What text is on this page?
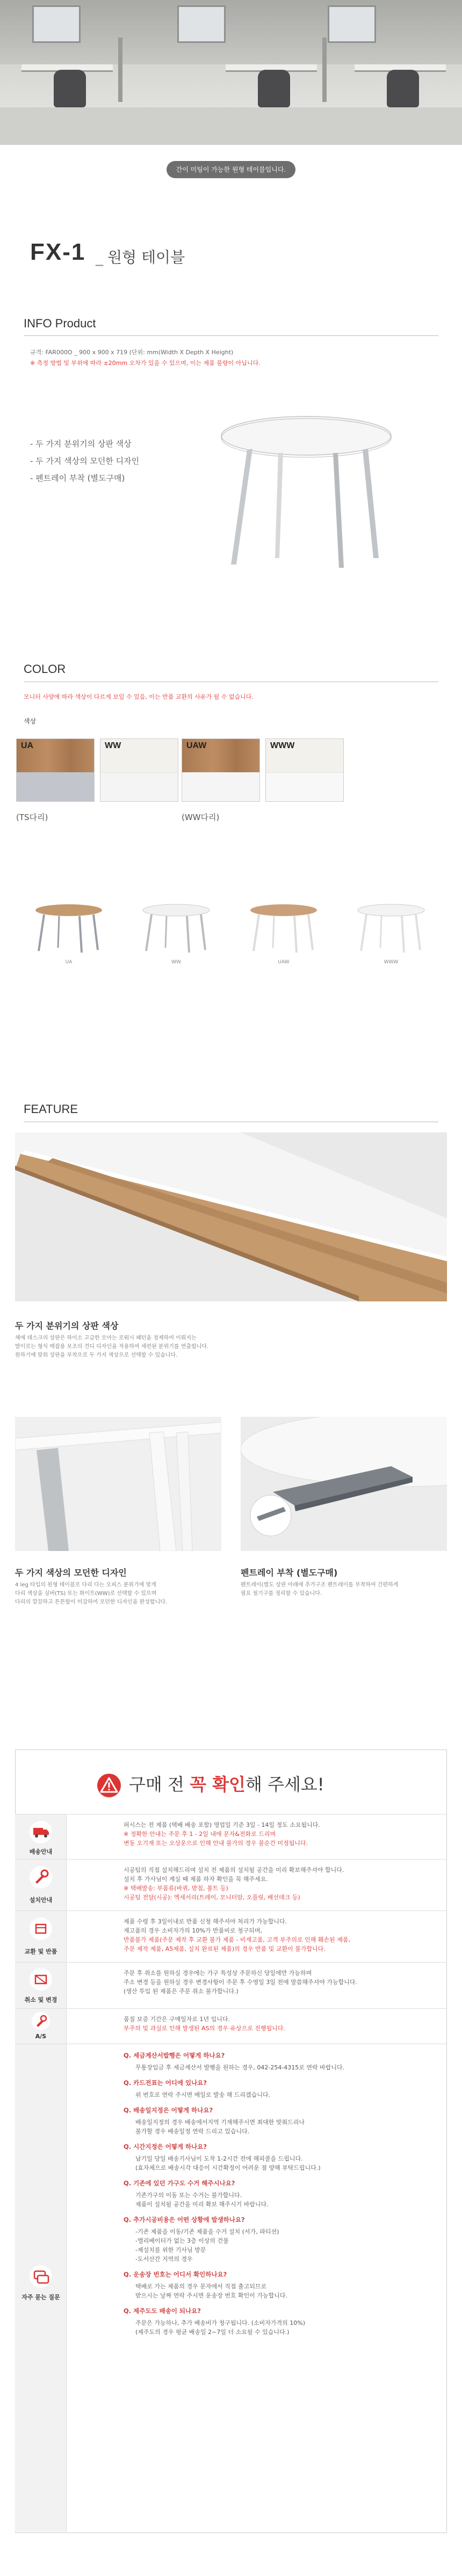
간이 미팅이 가능한 원형 테이블입니다.
FX-1 _ 원형 테이블
INFO Product
규격: FAR000O _ 900 x 900 x 719 (단위: mm(Width X Depth X Height)
※ 측정 방법 및 부위에 따라 ±20mm 오차가 있을 수 있으며, 이는 제품 불량이 아닙니다.
- 두 가지 분위기의 상판 색상
- 두 가지 색상의 모던한 디자인
- 펜트레이 부착 (별도구매)
COLOR
모니터 사양에 따라 색상이 다르게 보일 수 있음, 이는 반품 교환의 사유가 될 수 없습니다.
색상
UA	WW	UAW	WWW
(TS다리)	(WW다리)
UA	WW	UAW	WWW
FEATURE
두 가지 분위기의 상판 색상
체에 데스크의 상판은 하이소 고급한 모아는 로워시 패턴을 정제하여 이뤄지는
발이로는 형식 메잡용 보조의 견디 디자인을 적용하여 세련된 분위기를 연출합니다.
원하기에 맞춰 상판을 부착으로 두 가지 색상으로 선택할 수 있습니다.
두 가지 색상의 모던한 디자인
4 leg 타입의 원형 테이블로 다리 다는 오피스 분위기에 맞게
다리 색상을 실버(TS) 또는 화이트(WW)로 선택할 수 있으며
다리의 깔끔하고 튼튼함이 미감하여 모던한 디자인을 완성합니다.
펜트레이 부착 (별도구매)
펜트레이(별도 상판 아래에 추가구조 펜트레이를 부착하여 간편하게
필요 필기구를 정리할 수 있습니다.
구매 전 꼭 확인해 주세요!
배송안내
퍼시스는 전 제품 (택배 배송 포함) 영업일 기준 3일 - 14일 정도 소요됩니다.
※ 정확한 안내는 주문 후 1 - 2일 내에 문자&전화로 드리며
변동 오기재 또는 오상운으로 인해 안내 불가의 경우 불순간 미정됩니다.
설치안내
시공팀의 직접 설치해드리며 설치 전 제품의 설치될 공간을 미리 확보해주셔야 합니다.
설치 후 가사님이 계실 때 제품 하자 확인을 꼭 해주세요.
※ 택배발송: 부품류(바퀴, 받침, 볼트 등)
시공팀 전달(시공): 엑세서리(트레이, 모니터암, 오플릿, 배선데크 등)
교환 및 반품
제품 수령 후 3일이내로 반품 신청 해주셔야 처리가 가능합니다.
재고품의 경우 소비자가의 10%가 반품비로 청구되며,
반품불가 제품(주문 제작 후 교환 불가 제품 - 비재고품, 고객 부주의로 인해 훼손된 제품,
주문 제작 제품, A5제품, 설치 완료된 제품)의 경우 반품 및 교환이 불가합니다.
취소 및 변경
주문 후 취소를 원하실 경우에는 가구 특성상 주문하신 당일에만 가능하며
주소 변경 등을 원하실 경우 변경사항이 주문 후 수영일 3일 전에 말씀해주셔야 가능합니다.
(생산 투입 된 제품은 주문 취소 불가합니다.)
A/S
품질 보증 기간은 구매일자로 1년 입니다.
부주의 및 과실로 인해 발생된 AS의 경우 유상으로 진행됩니다.
자주 묻는 질문
Q. 세금계산서발행은 어떻게 하나요?
무통장입금 후 세금계산서 발행을 원하는 경우, 042-254-4315로 연락 바랍니다.
Q. 카드전표는 어디에 있나요?
위 번호로 연락 주시면 메일로 발송 해 드리겠습니다.
Q. 배송일지정은 어떻게 하나요?
배송일지정의 경우 배송에서지역 기재해주시면 최대한 맞춰드리나
불가할 경우 배송일정 연락 드리고 있습니다.
Q. 시간지정은 어떻게 하나요?
납기일 당일 배송기사님이 도착 1-2시간 전에 해피콜을 드립니다.
(효자체으로 배송시각 대응이 시간확정이 어려운 점 양해 부탁드립니다.)
Q. 기존에 있던 가구도 수거 해주시나요?
기존가구의 이동 또는 수거는 불가합니다.
제품이 설치될 공간을 미리 확보 해주시기 바랍니다.
Q. 추가시공비용은 어떤 상황에 발생하나요?
-기존 제품을 이동/기존 제품을 수거 설치 (서가, 파티션)
-엘리베이터가 없는 3층 이상의 건물
-제설치를 위한 기사님 방문
-도서산간 지역의 경우
Q. 운송장 번호는 어디서 확인하나요?
택배로 가는 제품의 경우 문자에서 직접 출고되므로
받으시는 날짜 연락 주시면 운송장 번호 확인이 가능합니다.
Q. 제주도도 배송이 되나요?
주문은 가능하나, 추가 배송비가 청구됩니다. (소비자가격의 10%)
(제주도의 경우 평균 배송일 2~7일 더 소요될 수 있습니다.)
